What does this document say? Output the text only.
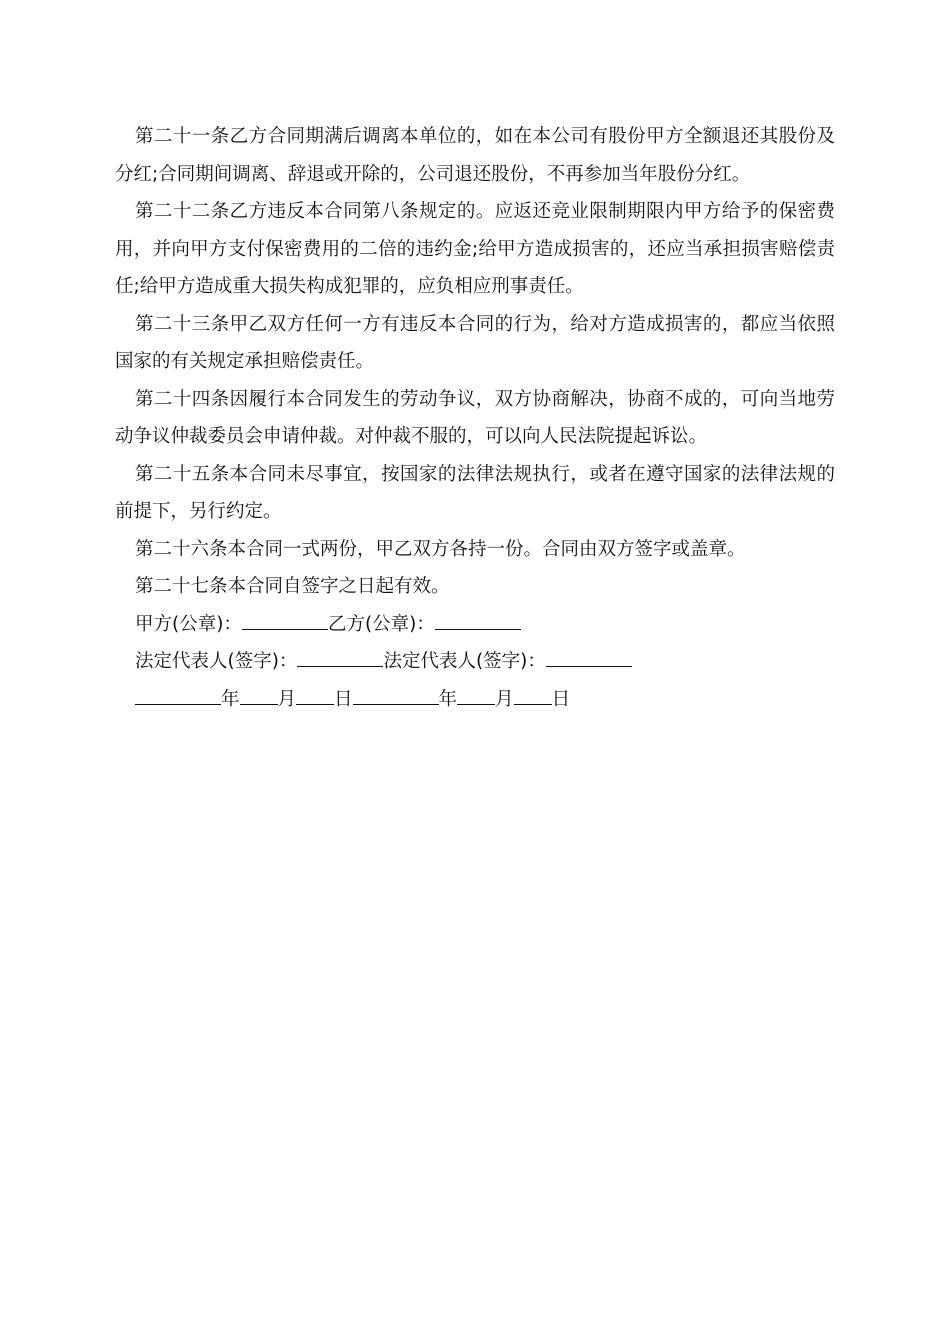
第二十一条乙方合同期满后调离本单位的，如在本公司有股份甲方全额退还其股份及分红;合同期间调离、辞退或开除的，公司退还股份，不再参加当年股份分红。

第二十二条乙方违反本合同第八条规定的。应返还竞业限制期限内甲方给予的保密费用，并向甲方支付保密费用的二倍的违约金;给甲方造成损害的，还应当承担损害赔偿责任;给甲方造成重大损失构成犯罪的，应负相应刑事责任。

第二十三条甲乙双方任何一方有违反本合同的行为，给对方造成损害的，都应当依照国家的有关规定承担赔偿责任。

第二十四条因履行本合同发生的劳动争议，双方协商解决，协商不成的，可向当地劳动争议仲裁委员会申请仲裁。对仲裁不服的，可以向人民法院提起诉讼。

第二十五条本合同未尽事宜，按国家的法律法规执行，或者在遵守国家的法律法规的前提下，另行约定。

第二十六条本合同一式两份，甲乙双方各持一份。合同由双方签字或盖章。

第二十七条本合同自签字之日起有效。

甲方(公章)：	乙方(公章)：

法定代表人(签字)：	法定代表人(签字)：

年 月 日	年 月 日
